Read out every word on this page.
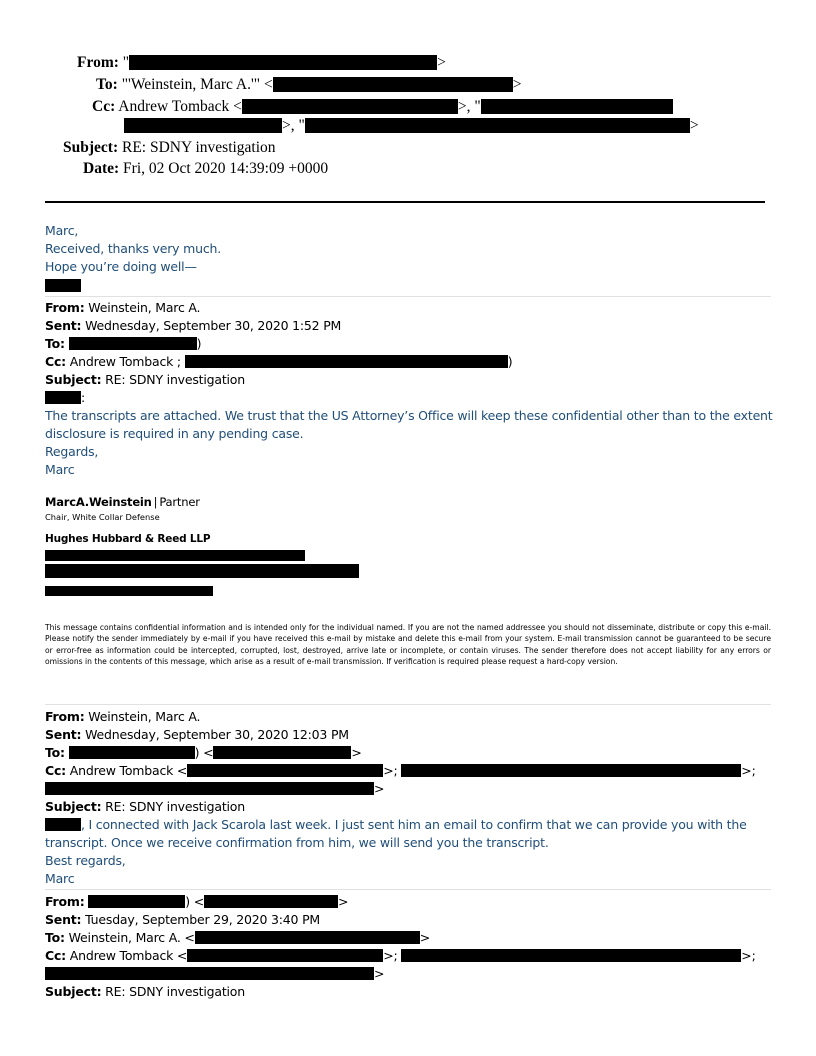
From: "	>
To: "'Weinstein, Marc A.'" <	>
Cc: Andrew Tomback <	>, "
>, "	>
Subject: RE: SDNY investigation
Date: Fri, 02 Oct 2020 14:39:09 +0000
Marc,
Received, thanks very much.
Hope you’re doing well—
From: Weinstein, Marc A.
Sent: Wednesday, September 30, 2020 1:52 PM
To:	)
Cc: Andrew Tomback ;	)
Subject: RE: SDNY investigation
:
The transcripts are attached. We trust that the US Attorney’s Office will keep these confidential other than to the extent
disclosure is required in any pending case.
Regards,
Marc
MarcA.Weinstein | Partner
Chair, White Collar Defense
Hughes Hubbard & Reed LLP
This message contains confidential information and is intended only for the individual named. If you are not the named addressee you should not disseminate, distribute or copy this e-mail. Please notify the sender immediately by e-mail if you have received this e-mail by mistake and delete this e-mail from your system. E-mail transmission cannot be guaranteed to be secure or error-free as information could be intercepted, corrupted, lost, destroyed, arrive late or incomplete, or contain viruses. The sender therefore does not accept liability for any errors or omissions in the contents of this message, which arise as a result of e-mail transmission. If verification is required please request a hard-copy version.
From: Weinstein, Marc A.
Sent: Wednesday, September 30, 2020 12:03 PM
To:	) <	>
Cc: Andrew Tomback <	>;	>;
>
Subject: RE: SDNY investigation
, I connected with Jack Scarola last week. I just sent him an email to confirm that we can provide you with the
transcript. Once we receive confirmation from him, we will send you the transcript.
Best regards,
Marc
From:	) <	>
Sent: Tuesday, September 29, 2020 3:40 PM
To: Weinstein, Marc A. <	>
Cc: Andrew Tomback <	>;	>;
>
Subject: RE: SDNY investigation
